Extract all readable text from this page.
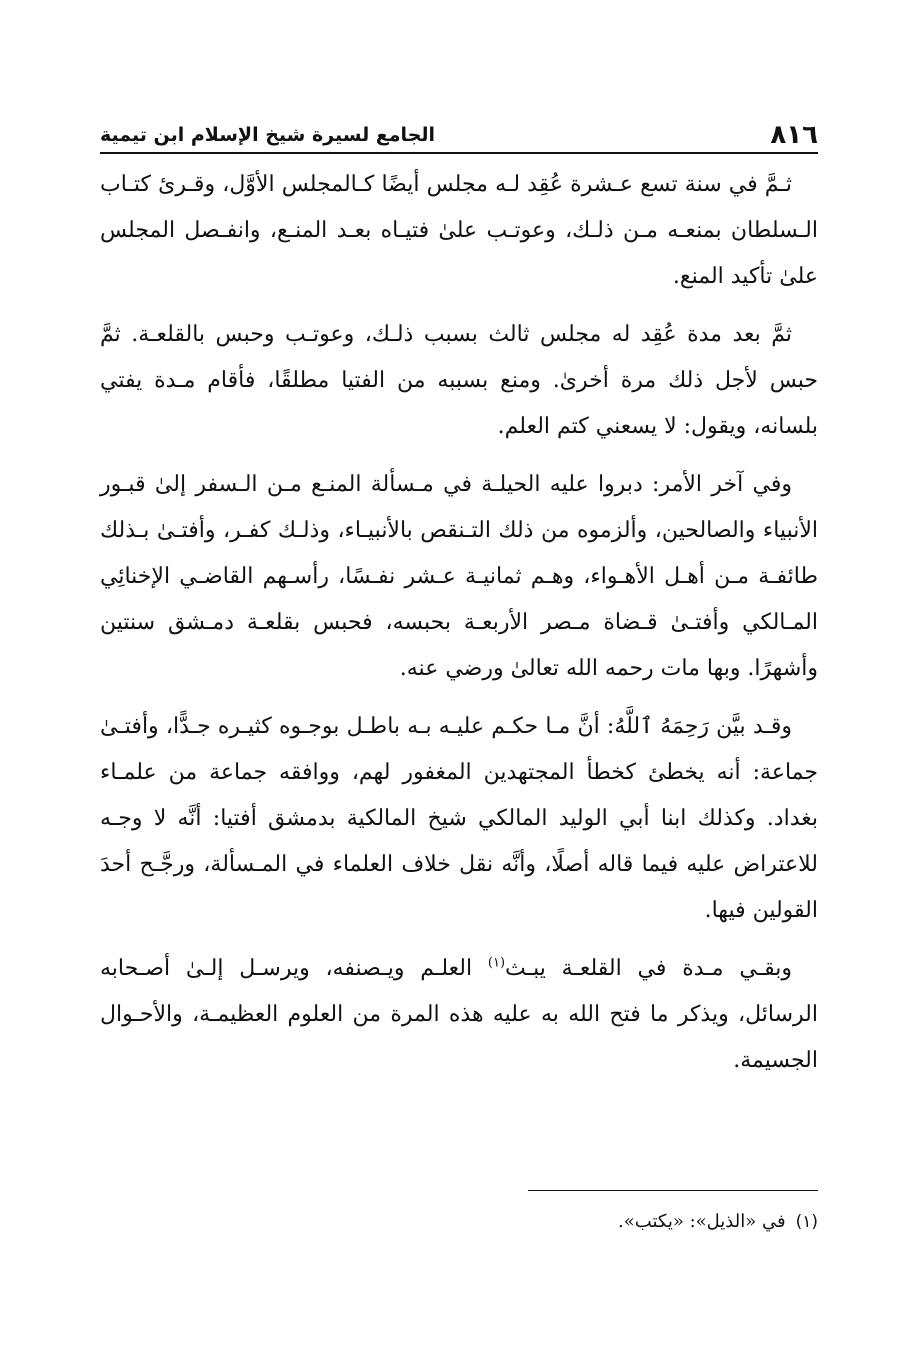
٨١٦
الجامع لسيرة شيخ الإسلام ابن تيمية

ثـمَّ في سنة تسع عـشرة عُقِد لـه مجلس أيضًا كـالمجلس الأوَّل، وقـرئ كتـاب الـسلطان بمنعـه مـن ذلـك، وعوتـب علىٰ فتيـاه بعـد المنـع، وانفـصل المجلس علىٰ تأكيد المنع.

ثمَّ بعد مدة عُقِد له مجلس ثالث بسبب ذلـك، وعوتـب وحبس بالقلعـة. ثمَّ حبس لأجل ذلك مرة أخرىٰ. ومنع بسببه من الفتيا مطلقًا، فأقام مـدة يفتي بلسانه، ويقول: لا يسعني كتم العلم.

وفي آخر الأمر: دبروا عليه الحيلـة في مـسألة المنـع مـن الـسفر إلىٰ قبـور الأنبياء والصالحين، وألزموه من ذلك التـنقص بالأنبيـاء، وذلـك كفـر، وأفتـىٰ بـذلك طائفـة مـن أهـل الأهـواء، وهـم ثمانيـة عـشر نفـسًا، رأسـهم القاضـي الإخنائِي المـالكي وأفتـىٰ قـضاة مـصر الأربعـة بحبسه، فحبس بقلعـة دمـشق سنتين وأشهرًا. وبها مات رحمه الله تعالىٰ ورضي عنه.

وقـد بيَّن رَحِمَهُ ٱللَّهُ: أنَّ مـا حكـم عليـه بـه باطـل بوجـوه كثيـره جـدًّا، وأفتـىٰ جماعة: أنه يخطئ كخطأ المجتهدين المغفور لهم، ووافقه جماعة من علمـاء بغداد. وكذلك ابنا أبي الوليد المالكي شيخ المالكية بدمشق أفتيا: أنَّه لا وجـه للاعتراض عليه فيما قاله أصلًا، وأنَّه نقل خلاف العلماء في المـسألة، ورجَّـح أحدَ القولين فيها.

وبقـي مـدة في القلعـة يبـث$^{(١)}$ العلـم ويـصنفه، ويرسـل إلـىٰ أصـحابه الرسائل، ويذكر ما فتح الله به عليه هذه المرة من العلوم العظيمـة، والأحـوال الجسيمة.

(١)
في «الذيل»: «يكتب».
